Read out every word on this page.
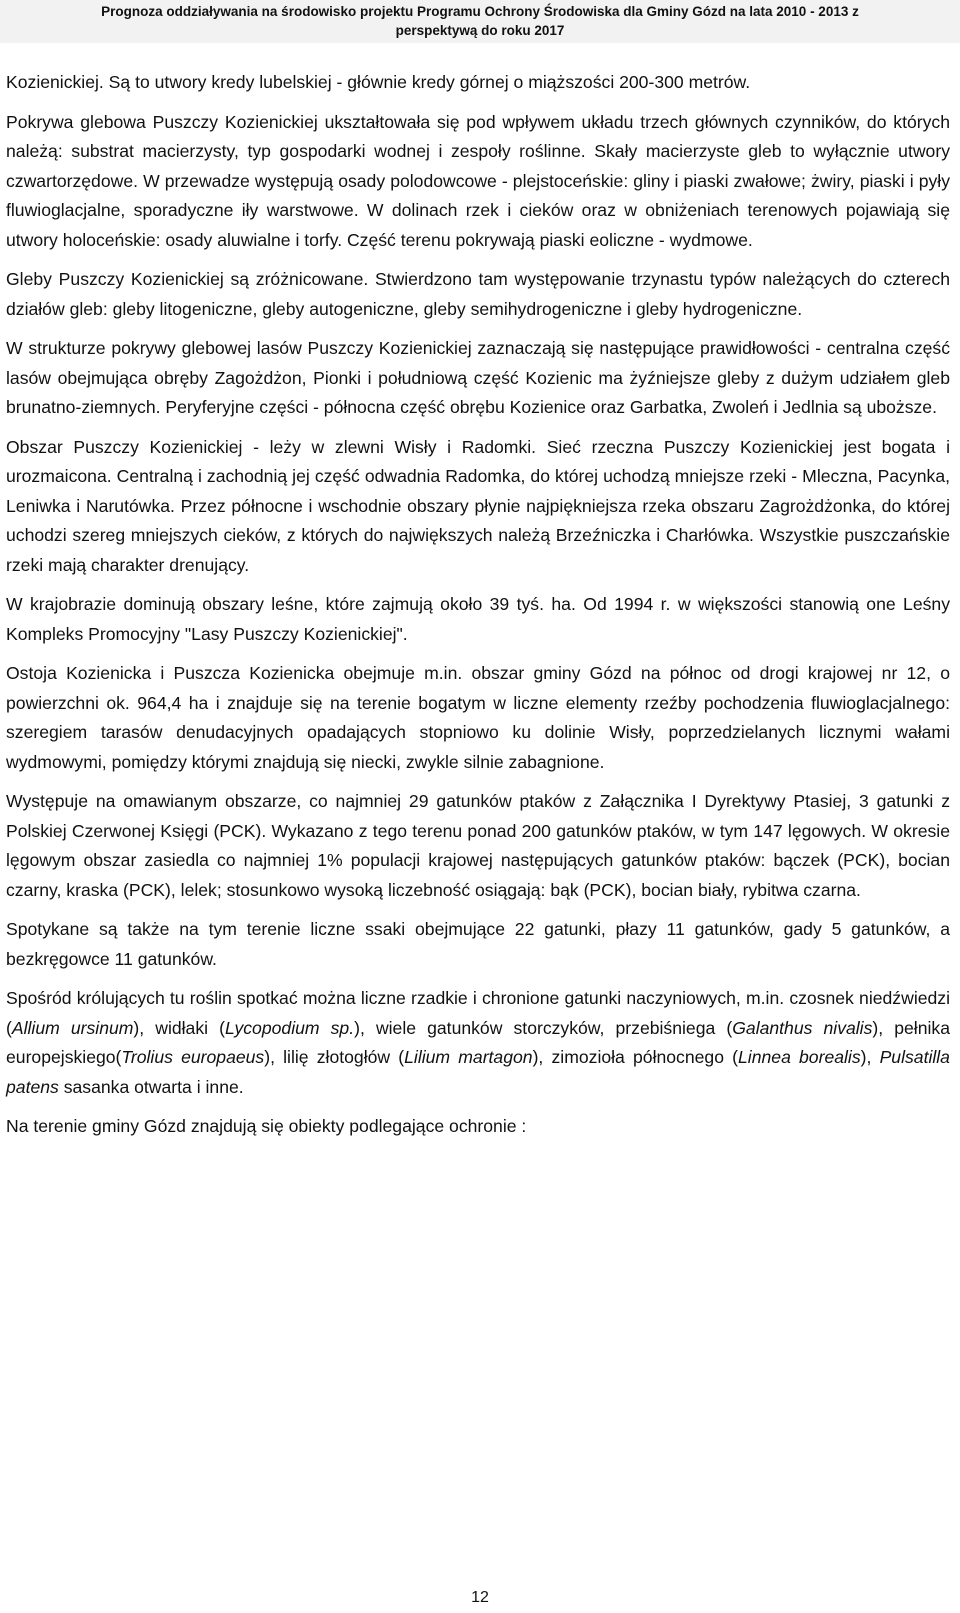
Prognoza oddziaływania na środowisko projektu Programu Ochrony Środowiska dla Gminy Gózd na lata 2010 - 2013 z
perspektywą do roku 2017

Kozienickiej. Są to utwory kredy lubelskiej - głównie kredy górnej o miąższości 200-300 metrów.

Pokrywa glebowa Puszczy Kozienickiej ukształtowała się pod wpływem układu trzech głównych czynników, do których należą: substrat macierzysty, typ gospodarki wodnej i zespoły roślinne. Skały macierzyste gleb to wyłącznie utwory czwartorzędowe. W przewadze występują osady polodowcowe - plejstoceńskie: gliny i piaski zwałowe; żwiry, piaski i pyły fluwioglacjalne, sporadyczne iły warstwowe. W dolinach rzek i cieków oraz w obniżeniach terenowych pojawiają się utwory holoceńskie: osady aluwialne i torfy. Część terenu pokrywają piaski eoliczne - wydmowe.

Gleby Puszczy Kozienickiej są zróżnicowane. Stwierdzono tam występowanie trzynastu typów należących do czterech działów gleb: gleby litogeniczne, gleby autogeniczne, gleby semihydrogeniczne i gleby hydrogeniczne.

W strukturze pokrywy glebowej lasów Puszczy Kozienickiej zaznaczają się następujące prawidłowości - centralna część lasów obejmująca obręby Zagożdżon, Pionki i południową część Kozienic ma żyźniejsze gleby z dużym udziałem gleb brunatno-ziemnych. Peryferyjne części - północna część obrębu Kozienice oraz Garbatka, Zwoleń i Jedlnia są uboższe.

Obszar Puszczy Kozienickiej - leży w zlewni Wisły i Radomki. Sieć rzeczna Puszczy Kozienickiej jest bogata i urozmaicona. Centralną i zachodnią jej część odwadnia Radomka, do której uchodzą mniejsze rzeki - Mleczna, Pacynka, Leniwka i Narutówka. Przez północne i wschodnie obszary płynie najpiękniejsza rzeka obszaru Zagrożdżonka, do której uchodzi szereg mniejszych cieków, z których do największych należą Brzeźniczka i Charłówka. Wszystkie puszczańskie rzeki mają charakter drenujący.

W krajobrazie dominują obszary leśne, które zajmują około 39 tyś. ha. Od 1994 r. w większości stanowią one Leśny Kompleks Promocyjny "Lasy Puszczy Kozienickiej".

Ostoja Kozienicka i Puszcza Kozienicka obejmuje m.in. obszar gminy Gózd na północ od drogi krajowej nr 12, o powierzchni ok. 964,4 ha i znajduje się na terenie bogatym w liczne elementy rzeźby pochodzenia fluwioglacjalnego: szeregiem tarasów denudacyjnych opadających stopniowo ku dolinie Wisły, poprzedzielanych licznymi wałami wydmowymi, pomiędzy którymi znajdują się niecki, zwykle silnie zabagnione.

Występuje na omawianym obszarze, co najmniej 29 gatunków ptaków z Załącznika I Dyrektywy Ptasiej, 3 gatunki z Polskiej Czerwonej Księgi (PCK). Wykazano z tego terenu ponad 200 gatunków ptaków, w tym 147 lęgowych. W okresie lęgowym obszar zasiedla co najmniej 1% populacji krajowej następujących gatunków ptaków: bączek (PCK), bocian czarny, kraska (PCK), lelek; stosunkowo wysoką liczebność osiągają: bąk (PCK), bocian biały, rybitwa czarna.

Spotykane są także na tym terenie liczne ssaki obejmujące 22 gatunki, płazy 11 gatunków, gady 5 gatunków, a bezkręgowce 11 gatunków.

Spośród królujących tu roślin spotkać można liczne rzadkie i chronione gatunki naczyniowych, m.in. czosnek niedźwiedzi (Allium ursinum), widłaki (Lycopodium sp.), wiele gatunków storczyków, przebiśniega (Galanthus nivalis), pełnika europejskiego(Trolius europaeus), lilię złotogłów (Lilium martagon), zimozioła północnego (Linnea borealis), Pulsatilla patens sasanka otwarta i inne.

Na terenie gminy Gózd znajdują się obiekty podlegające ochronie :

12
